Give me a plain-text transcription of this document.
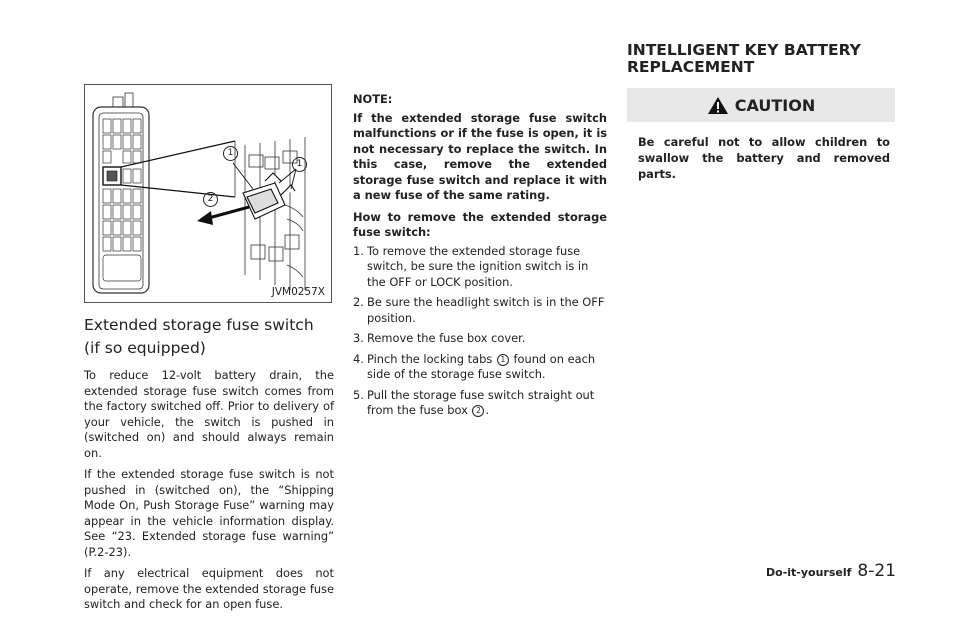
1
1
2
JVM0257X
Extended storage fuse switch (if so equipped)

To reduce 12-volt battery drain, the extended storage fuse switch comes from the factory switched off. Prior to delivery of your vehicle, the switch is pushed in (switched on) and should always remain on.

If the extended storage fuse switch is not pushed in (switched on), the “Shipping Mode On, Push Storage Fuse” warning may appear in the vehicle information display. See “23. Extended storage fuse warning” (P.2-23).

If any electrical equipment does not operate, remove the extended storage fuse switch and check for an open fuse.

NOTE:

If the extended storage fuse switch malfunctions or if the fuse is open, it is not necessary to replace the switch. In this case, remove the extended storage fuse switch and replace it with a new fuse of the same rating.

How to remove the extended storage fuse switch:

1. To remove the extended storage fuse switch, be sure the ignition switch is in the OFF or LOCK position.
2. Be sure the headlight switch is in the OFF position.
3. Remove the fuse box cover.
4. Pinch the locking tabs 1 found on each side of the storage fuse switch.
5. Pull the storage fuse switch straight out from the fuse box 2 .
INTELLIGENT KEY BATTERY REPLACEMENT
CAUTION

Be careful not to allow children to swallow the battery and removed parts.

Do-it-yourself 8-21
